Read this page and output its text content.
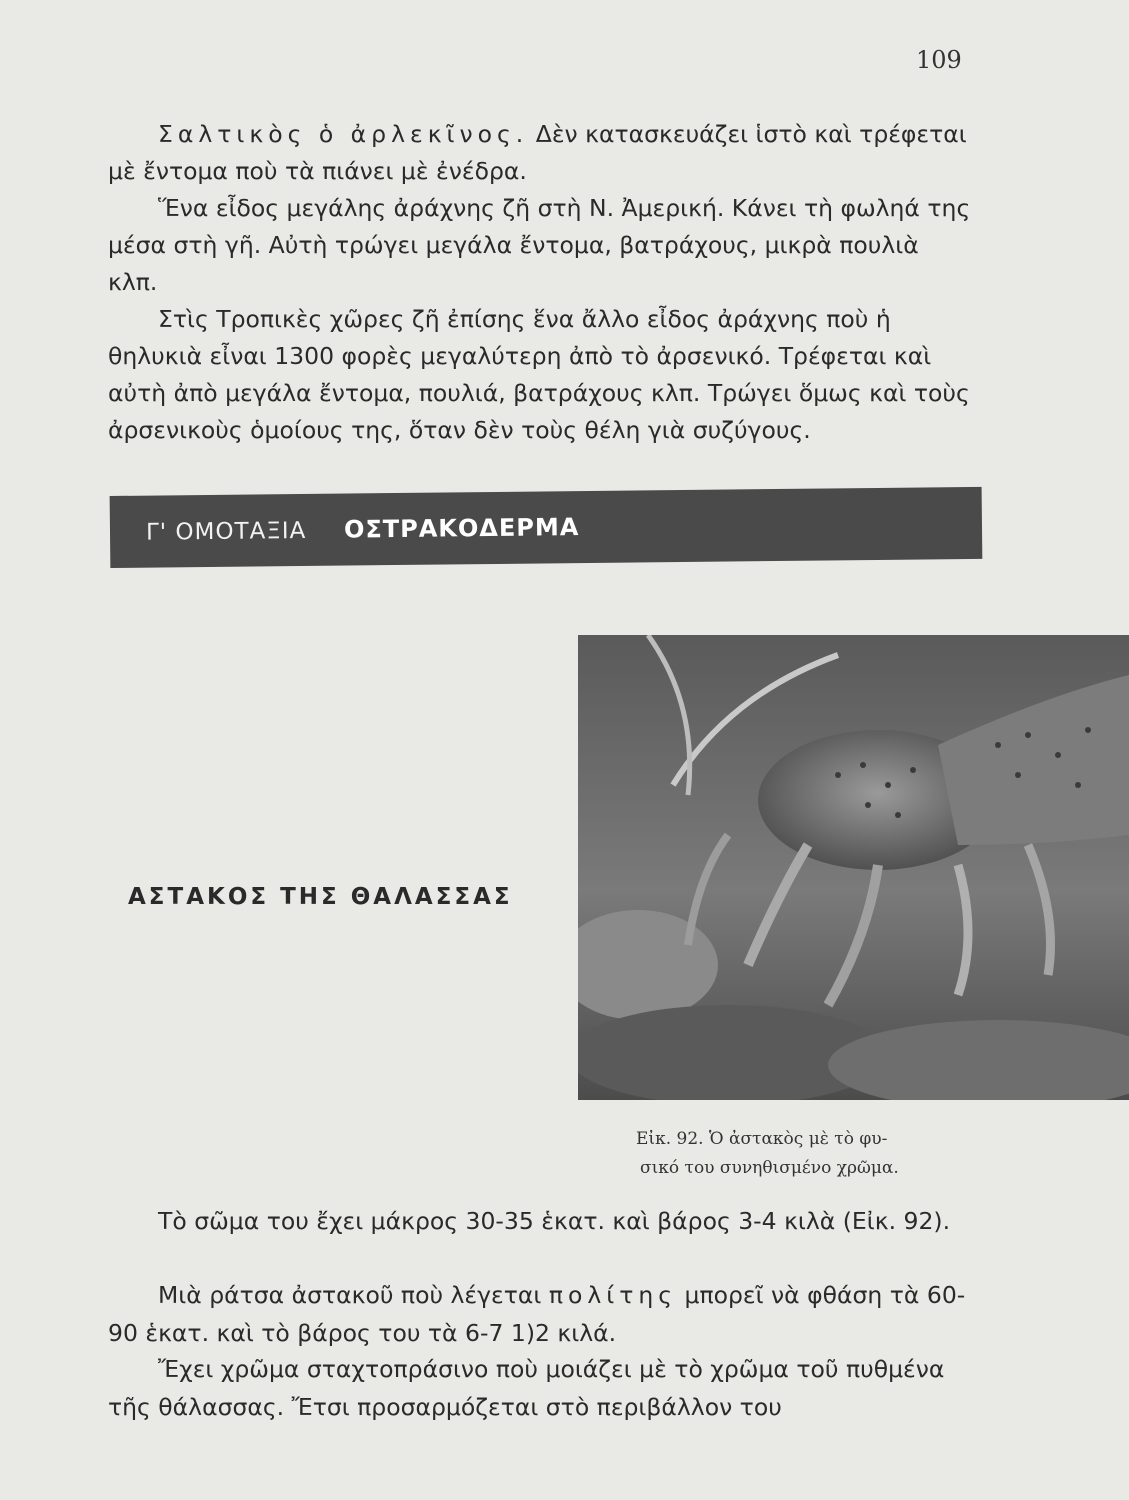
109

Σαλτικὸς ὁ ἀρλεκῖνος. Δὲν κατασκευάζει ἱστὸ καὶ τρέφεται μὲ ἔντομα ποὺ τὰ πιάνει μὲ ἐνέδρα.

Ἕνα εἶδος μεγάλης ἀράχνης ζῆ στὴ Ν. Ἀμερική. Κάνει τὴ φωληά της μέσα στὴ γῆ. Αὐτὴ τρώγει μεγάλα ἔντομα, βατράχους, μικρὰ πουλιὰ κλπ.

Στὶς Τροπικὲς χῶρες ζῆ ἐπίσης ἕνα ἄλλο εἶδος ἀράχνης ποὺ ἡ θηλυκιὰ εἶναι 1300 φορὲς μεγαλύτερη ἀπὸ τὸ ἀρσενικό. Τρέφεται καὶ αὐτὴ ἀπὸ μεγάλα ἔντομα, πουλιά, βατράχους κλπ. Τρώγει ὅμως καὶ τοὺς ἀρσενικοὺς ὁμοίους της, ὅταν δὲν τοὺς θέλη γιὰ συζύγους.

Γ' ΟΜΟΤΑΞΙΑ ΟΣΤΡΑΚΟΔΕΡΜΑ
ΑΣΤΑΚΟΣ ΤΗΣ ΘΑΛΑΣΣΑΣ
Εἰκ. 92. Ὁ ἀστακὸς μὲ τὸ φυ-
σικό του συνηθισμένο χρῶμα.

Τὸ σῶμα του ἔχει μάκρος 30-35 ἑκατ. καὶ βάρος 3-4 κιλὰ (Εἰκ. 92).

Μιὰ ράτσα ἀστακοῦ ποὺ λέγεται πολίτης μπορεῖ νὰ φθάση τὰ 60-90 ἑκατ. καὶ τὸ βάρος του τὰ 6-7 1)2 κιλά.

Ἔχει χρῶμα σταχτοπράσινο ποὺ μοιάζει μὲ τὸ χρῶμα τοῦ πυθμένα τῆς θάλασσας. Ἔτσι προσαρμόζεται στὸ περιβάλλον του
